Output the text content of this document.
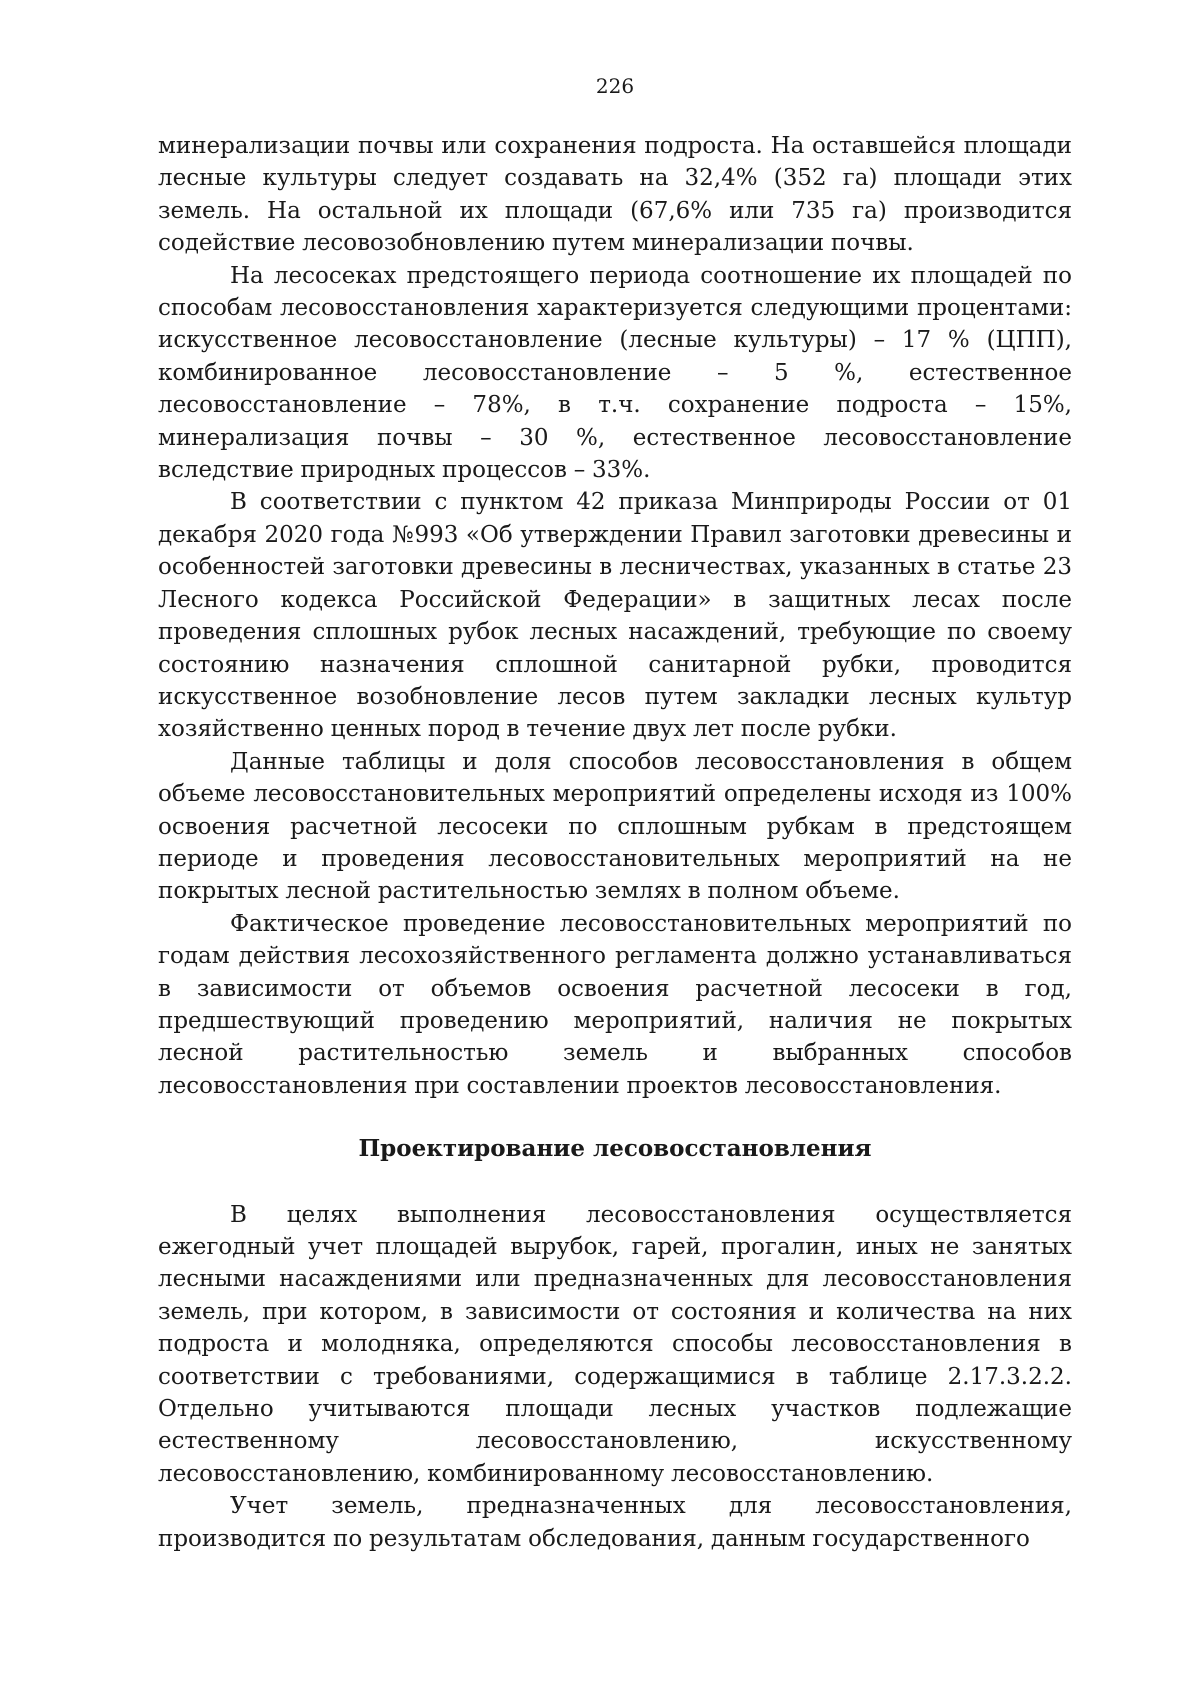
226

минерализации почвы или сохранения подроста. На оставшейся площади лесные культуры следует создавать на 32,4% (352 га) площади этих земель. На остальной их площади (67,6% или 735 га) производится содействие лесовозобновлению путем минерализации почвы.

На лесосеках предстоящего периода соотношение их площадей по способам лесовосстановления характеризуется следующими процентами: искусственное лесовосстановление (лесные культуры) – 17 % (ЦПП), комбинированное лесовосстановление – 5 %, естественное лесовосстановление – 78%, в т.ч. сохранение подроста – 15%, минерализация почвы – 30 %, естественное лесовосстановление вследствие природных процессов – 33%.

В соответствии с пунктом 42 приказа Минприроды России от 01 декабря 2020 года №993 «Об утверждении Правил заготовки древесины и особенностей заготовки древесины в лесничествах, указанных в статье 23 Лесного кодекса Российской Федерации» в защитных лесах после проведения сплошных рубок лесных насаждений, требующие по своему состоянию назначения сплошной санитарной рубки, проводится искусственное возобновление лесов путем закладки лесных культур хозяйственно ценных пород в течение двух лет после рубки.

Данные таблицы и доля способов лесовосстановления в общем объеме лесовосстановительных мероприятий определены исходя из 100% освоения расчетной лесосеки по сплошным рубкам в предстоящем периоде и проведения лесовосстановительных мероприятий на не покрытых лесной растительностью землях в полном объеме.

Фактическое проведение лесовосстановительных мероприятий по годам действия лесохозяйственного регламента должно устанавливаться в зависимости от объемов освоения расчетной лесосеки в год, предшествующий проведению мероприятий, наличия не покрытых лесной растительностью земель и выбранных способов лесовосстановления при составлении проектов лесовосстановления.

Проектирование лесовосстановления

В целях выполнения лесовосстановления осуществляется ежегодный учет площадей вырубок, гарей, прогалин, иных не занятых лесными насаждениями или предназначенных для лесовосстановления земель, при котором, в зависимости от состояния и количества на них подроста и молодняка, определяются способы лесовосстановления в соответствии с требованиями, содержащимися в таблице 2.17.3.2.2. Отдельно учитываются площади лесных участков подлежащие естественному лесовосстановлению, искусственному лесовосстановлению, комбинированному лесовосстановлению.

Учет земель, предназначенных для лесовосстановления, производится по результатам обследования, данным государственного
